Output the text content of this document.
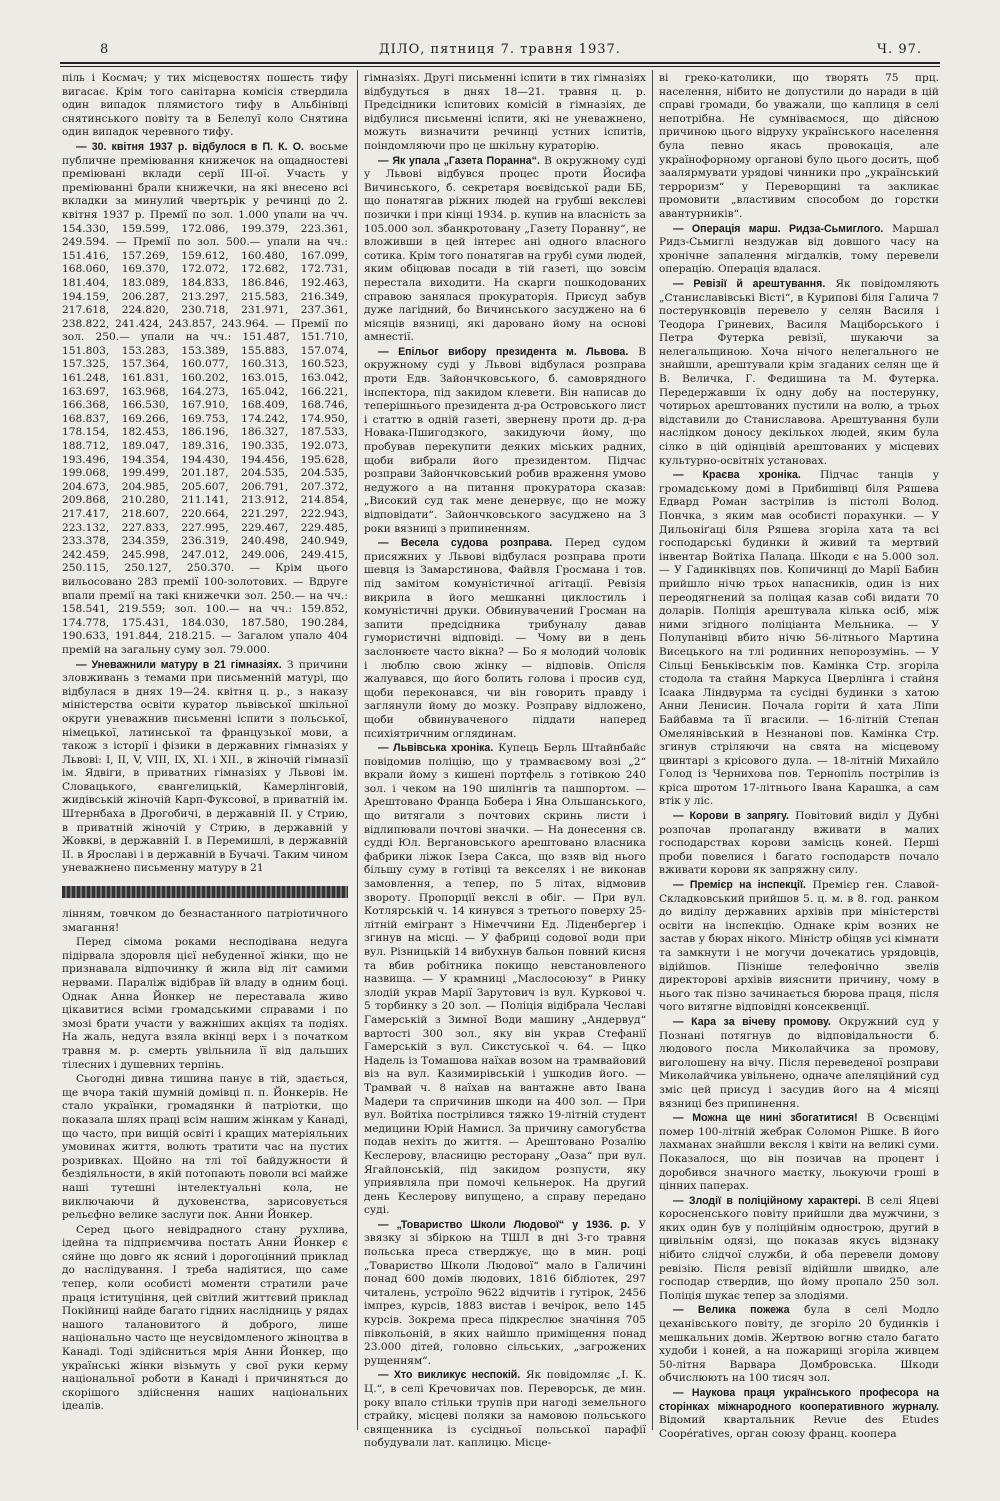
8	ДІЛО, пятниця 7. травня 1937.	Ч. 97.

піль і Космач; у тих місцевостях пошесть тифу вигасає. Крім того санітарна комісія ствердила один випадок плямистого тифу в Альбінівці снятинського повіту та в Белелуї коло Снятина один випадок черевного тифу.

— 30. квітня 1937 р. відбулося в П. К. О. восьме публичне преміювання книжечок на ощадностеві преміювані вклади серії III-ої. Участь у преміюванні брали книжечки, на які внесено всі вкладки за минулий чвертьрік у речинці до 2. квітня 1937 р. Премії по зол. 1.000 упали на чч. 154.330, 159.599, 172.086, 199.379, 223.361, 249.594. — Премії по зол. 500.— упали на чч.: 151.416, 157.269, 159.612, 160.480, 167.099, 168.060, 169.370, 172.072, 172.682, 172.731, 181.404, 183.089, 184.833, 186.846, 192.463, 194.159, 206.287, 213.297, 215.583, 216.349, 217.618, 224.820, 230.718, 231.971, 237.361, 238.822, 241.424, 243.857, 243.964. — Премії по зол. 250.— упали на чч.: 151.487, 151.710, 151.803, 153.283, 153.389, 155.883, 157.074, 157.325, 157.364, 160.077, 160.313, 160.523, 161.248, 161.831, 160.202, 163.015, 163.042, 163.697, 163.968, 164.273, 165.042, 166.221, 166.368, 166.530, 167.910, 168.409, 168.746, 168.837, 169.266, 169.753, 174.242, 174.950, 178.154, 182.453, 186.196, 186.327, 187.533, 188.712, 189.047, 189.316, 190.335, 192.073, 193.496, 194.354, 194.430, 194.456, 195.628, 199.068, 199.499, 201.187, 204.535, 204.535, 204.673, 204.985, 205.607, 206.791, 207.372, 209.868, 210.280, 211.141, 213.912, 214.854, 217.417, 218.607, 220.664, 221.297, 222.943, 223.132, 227.833, 227.995, 229.467, 229.485, 233.378, 234.359, 236.319, 240.498, 240.949, 242.459, 245.998, 247.012, 249.006, 249.415, 250.115, 250.127, 250.370. — Крім цього вильосовано 283 премії 100-золотових. — Вдруге впали премії на такі книжечки зол. 250.— на чч.: 158.541, 219.559; зол. 100.— на чч.: 159.852, 174.778, 175.431, 184.030, 187.580, 190.284, 190.633, 191.844, 218.215. — Загалом упало 404 премій на загальну суму зол. 79.000.

— Уневажнили матуру в 21 гімназіях. З причини зловживань з темами при письменній матурі, що відбулася в днях 19—24. квітня ц. р., з наказу міністерства освіти куратор львівської шкільної округи уневажнив письменні іспити з польської, німецької, латинської та французької мови, а також з історії і фізики в державних гімназіях у Львові: І, ІІ, V, VIII, IX, XI. і XII., в жіночій гімназії ім. Ядвіги, в приватних гімназіях у Львові ім. Словацького, євангелицькій, Камерлінговій, жидівській жіночій Карп-Фуксової, в приватній ім. Штернбаха в Дрогобичі, в державній II. у Стрию, в приватній жіночій у Стрию, в державній у Жовкві, в державній І. в Перемишлі, в державній ІІ. в Ярославі і в державній в Бучачі. Таким чином уневажнено письменну матуру в 21

лінням, товчком до безнастанного патріотичного змагання!

Перед сімома роками несподівана недуга підірвала здоровля цієї небуденної жінки, що не признавала відпочинку й жила від літ самими нервами. Параліж відібрав їй владу в одним боці. Однак Анна Йонкер не переставала живо цікавитися всіми громадськими справами і по змозі брати участи у важніших акціях та подіях. На жаль, недуга взяла вкінці верх і з початком травня м. р. смерть увільнила її від дальших тілесних і душевних терпінь.

Сьогодні дивна тишина панує в тій, здається, ще вчора такій шумній домівці п. п. Йонкерів. Не стало українки, громадянки й патріотки, що показала шлях праці всім нашим жінкам у Канаді, що часто, при вищій освіті і кращих матеріяльних умовинах життя, волють тратити час на пустих розривках. Щойно на тлі тої байдужности й бездіяльности, в якій потопають поволи всі майже наші тутешні інтелектуальні кола, не виключаючи й духовенства, зарисовується рельєфно велике заслуги пок. Анни Йонкер.

Серед цього невідрадного стану рухлива, ідейна та підприємчива постать Анни Йонкер є сяйне що довго як ясний і дорогоцінний приклад до наслідування. І треба надіятися, що саме тепер, коли особисті моменти стратили раче праця іституціння, цей світлий життєвий приклад Покійниці найде багато гідних наслідниць у рядах нашого талановитого й доброго, лише національно часто ще неусвідомленого жіноцтва в Канаді. Тоді здійсниться мрія Анни Йонкер, що українські жінки візьмуть у свої руки керму національної роботи в Канаді і причиняться до скорішого здійснення наших національних ідеалів.

гімназіях. Другі письменні іспити в тих гімназіях відбудуться в днях 18—21. травня ц. р. Предсідники іспитових комісій в гімназіях, де відбулися письменні іспити, які не уневажнено, можуть визначити речинці устних іспитів, поіндомляючи про це шкільну кураторію.

— Як упала „Газета Поранна“. В окружному суді у Львові відбувся процес проти Йосифа Вичинського, б. секретаря воєвідської ради ББ, що понатягав ріжних людей на грубші векслеві позички і при кінці 1934. р. купив на власність за 105.000 зол. збанкротовану „Газету Поранну“, не вложивши в цей інтерес ані одного власного сотика. Крім того понатягав на грубі суми людей, яким обіцював посади в тій газеті, що зовсім перестала виходити. На скарги пошкодованих справою занялася прокураторія. Присуд забув дуже лагідний, бо Вичинського засуджено на 6 місяців вязниці, які даровано йому на основі амнестії.

— Епільог вибору президента м. Львова. В окружному суді у Львові відбулася розправа проти Едв. Зайончковського, б. самоврядного інспектора, під закидом клевети. Він написав до теперішнього президента д-ра Островського лист і статтю в одній газеті, звернену проти др. д-ра Новака-Пшигодзкого, закидуючи йому, що пробував перекупити деяких міських радних, щоби вибрали його президентом. Підчас розправи Зайончковський робив враження умово недужого а на питання прокуратора сказав: „Високий суд так мене денервує, що не можу відповідати“. Зайончковського засуджено на 3 роки вязниці з припиненням.

— Весела судова розправа. Перед судом присяжних у Львові відбулася розправа проти шевця із Замарстинова, Файвля Гросмана і тов. під замітом комуністичної агітації. Ревізія викрила в його мешканні циклостиль і комуністичні друки. Обвинувачений Гросман на запити предсідника трибуналу давав гумористичні відповіді. — Чому ви в день заслонюєте часто вікна? — Бо я молодий чоловік і люблю свою жінку — відповів. Опісля жалувався, що його болить голова і просив суд, щоби переконався, чи він говорить правду і заглянули йому до мозку. Розправу відложено, щоби обвинуваченого піддати наперед психіятричним оглядинам.

— Львівська хроніка. Купець Берль Штайнбайс повідомив поліцію, що у трамваєвому возі „2“ вкрали йому з кишені портфель з готівкою 240 зол. і чеком на 190 шилінгів та пашпортом. — Арештовано Франца Бобера і Яна Ольшанського, що витягали з почтових скринь листи і відлипювали почтові значки. — На донесення св. судді Юл. Вергановського арештовано власника фабрики ліжок Ізера Сакса, що взяв від нього більшу суму в готівці та векселях і не виконав замовлення, а тепер, по 5 літах, відмовив звороту. Пропорції векслі в обіг. — При вул. Котлярській ч. 14 кинувся з третього поверху 25-літній емігрант з Німеччини Ед. Ліденберґер і згинув на місці. — У фабриці содової води при вул. Різницькій 14 вибухнув бальон повний кисня та вбив робітника покищо невстановленого назвища. — У крамниці „Маслосоюзу“ в Ринку злодій украв Марії Зарутович із вул. Курковоі ч. 5 торбинку з 20 зол. — Поліція відібрала Чеславі Гамерській з Зимної Води машину „Андервуд“ вартості 300 зол., яку він украв Стефанії Гамерській з вул. Сикстуської ч. 64. — Іцко Надель із Томашова наїхав возом на трамвайовий віз на вул. Казимирівській і ушкодив його. — Трамвай ч. 8 наїхав на вантажне авто Івана Мадери та спричинив шкоди на 400 зол. — При вул. Войтіха пострілився тяжко 19-літній студент медицини Юрій Намисл. За причину самогубства подав нехіть до життя. — Арештовано Розалію Кеслерову, власницю ресторану „Оаза“ при вул. Ягайлонській, під закидом розпусти, яку уприявляла при помочі кельнерок. На другий день Кеслерову випущено, а справу передано суді.

— „Товариство Школи Людової“ у 1936. р. У звязку зі збіркою на ТШЛ в дні 3-го травня польська преса стверджує, що в мин. році „Товариство Школи Людової“ мало в Галичині понад 600 домів людових, 1816 бібліотек, 297 читалень, устроїло 9622 відчитів і гутірок, 2456 імпрез, курсів, 1883 вистав і вечірок, вело 145 курсів. Зокрема преса підкреслює значіння 705 півкольоній, в яких найшло приміщення понад 23.000 дітей, головно сільських, „загрожених рущенням“.

— Хто викликує неспокій. Як повідомляє „І. К. Ц.“, в селі Кречовичах пов. Переворськ, де мин. року впало стільки трупів при нагоді земельного страйку, місцеві поляки за намовою польського священника із сусідньої польської парафії побудували лат. каплицю. Місце-

ві греко-католики, що творять 75 прц. населення, нібито не допустили до наради в цій справі громади, бо уважали, що каплиця в селі непотрібна. Не сумніваємося, що дійсною причиною цього відруху українського населення була певно якась провокація, але українофорному органові було цього досить, щоб заалярмувати урядові чинники про „український терроризм“ у Переворщині та закликає промовити „властивим способом до горстки авантурників“.

— Операція марш. Ридза-Сьмиглого. Маршал Ридз-Сьмиглі нездужав від довшого часу на хронічне запалення мігдалків, тому перевели операцію. Операція вдалася.

— Ревізії й арештування. Як повідомляють „Станиславівські Вісті“, в Курипові біля Галича 7 постерунковців перевело у селян Василя і Теодора Гриневих, Василя Мацібορського і Петра Футерка ревізії, шукаючи за нелегальщиною. Хоча нічого нелегального не знайшли, арештували крім згаданих селян ще й В. Величка, Г. Федишина та М. Футерка. Передержавши їх одну добу на постерунку, чотирьох арештованих пустили на волю, а трьох відставили до Станиславова. Арештування були наслідком доносу декількох людей, яким була сілко в цій одінцівій арештованих у місцевих культурно-освітніх установах.

— Краєва хроніка. Підчас танців у громадському домі в Прибишівці біля Ряшева Едвард Роман застрілив із пістолі Волод. Пончка, з яким мав особисті порахунки. — У Дильоніґаці біля Ряшева згоріла хата та всі господарські будинки й живий та мертвий інвентар Войтіха Палаца. Шкоди є на 5.000 зол. — У Гадинківцях пов. Копичинці до Марії Бабин прийшло нічю трьох напасників, один із них переодягнений за поліцая казав собі видати 70 доларів. Поліція арештувала кілька осіб, між ними згідного поліціанта Мельника. — У Полупанівці вбито нічю 56-літнього Мартина Висецького на тлі родинних непорозумінь. — У Сільці Беньківськім пов. Камінка Стр. згоріла стодола та стайня Маркуса Цверлінга і стайня Ісаака Ліндвурма та сусідні будинки з хатою Анни Ленисин. Почала горіти й хата Ліпи Байбавма та її вгасили. — 16-літній Степан Омелянівський в Незнанові пов. Камінка Стр. згинув стріляючи на свята на місцевому цвинтарі з крісового дула. — 18-літній Михайло Голод із Чернихова пов. Тернопіль пострілив із кріса шротом 17-літнього Івана Карашка, а сам втік у ліс.

— Корови в запрягу. Повітовий виділ у Дубні розпочав пропаганду вживати в малих господарствах корови замісць коней. Перші проби повелися і багато господарств почало вживати корови як запряжну силу.

— Премієр на інспекції. Премієр ген. Славой-Складковський прийшов 5. ц. м. в 8. год. ранком до виділу державних архівів при міністерстві освіти на інспекцію. Однаке крім возних не застав у бюрах нікого. Міністр обіцяв усі кімнати та замкнути і не могучи дочекатись урядовців, відійшов. Пізніше телефонічно звелів директорові архівів вияснити причину, чому в нього так пізно зачинається бюрова праця, після чого витягне відповідні консеквенції.

— Кара за вічеву промову. Окружний суд у Познані потягнув до відповідальности б. людового посла Миколайчика за промову, виголошену на вічу. Після переведеної розправи Миколайчика увільнено, одначе апеляційний суд зміс цей присуд і засудив його на 4 місяці вязниці без припинення.

— Можна ще нині збогатитися! В Освєнцімі помер 100-літній жебрак Соломон Рішке. В його лахманах знайшли вексля і квіти на великі суми. Показалося, що він позичав на процент і доробився значного маєтку, льокуючи гроші в цінних паперах.

— Злодії в поліційному характері. В селі Яцеві коросненського повіту прийшли два мужчини, з яких один був у поліційнім однострою, другий в цивільнім одязі, що показав якусь відзнаку нібито слідчої служби, й оба перевели домову ревізію. Після ревізії відійшли швидко, але господар ствердив, що йому пропало 250 зол. Поліція шукає тепер за злодіями.

— Велика пожежа була в селі Модло цеханівського повіту, де згоріло 20 будинків і мешкальних домів. Жертвою вогню стало багато худоби і коней, а на пожарищі згоріла живцем 50-літня Варвара Домбровська. Шкоди обчислюють на 100 тисяч зол.

— Наукова праця українського професора на сторінках міжнародного кооперативного журналу. Відомий квартальник Revue des Etudes Coopératives, орган союзу франц. коопера
